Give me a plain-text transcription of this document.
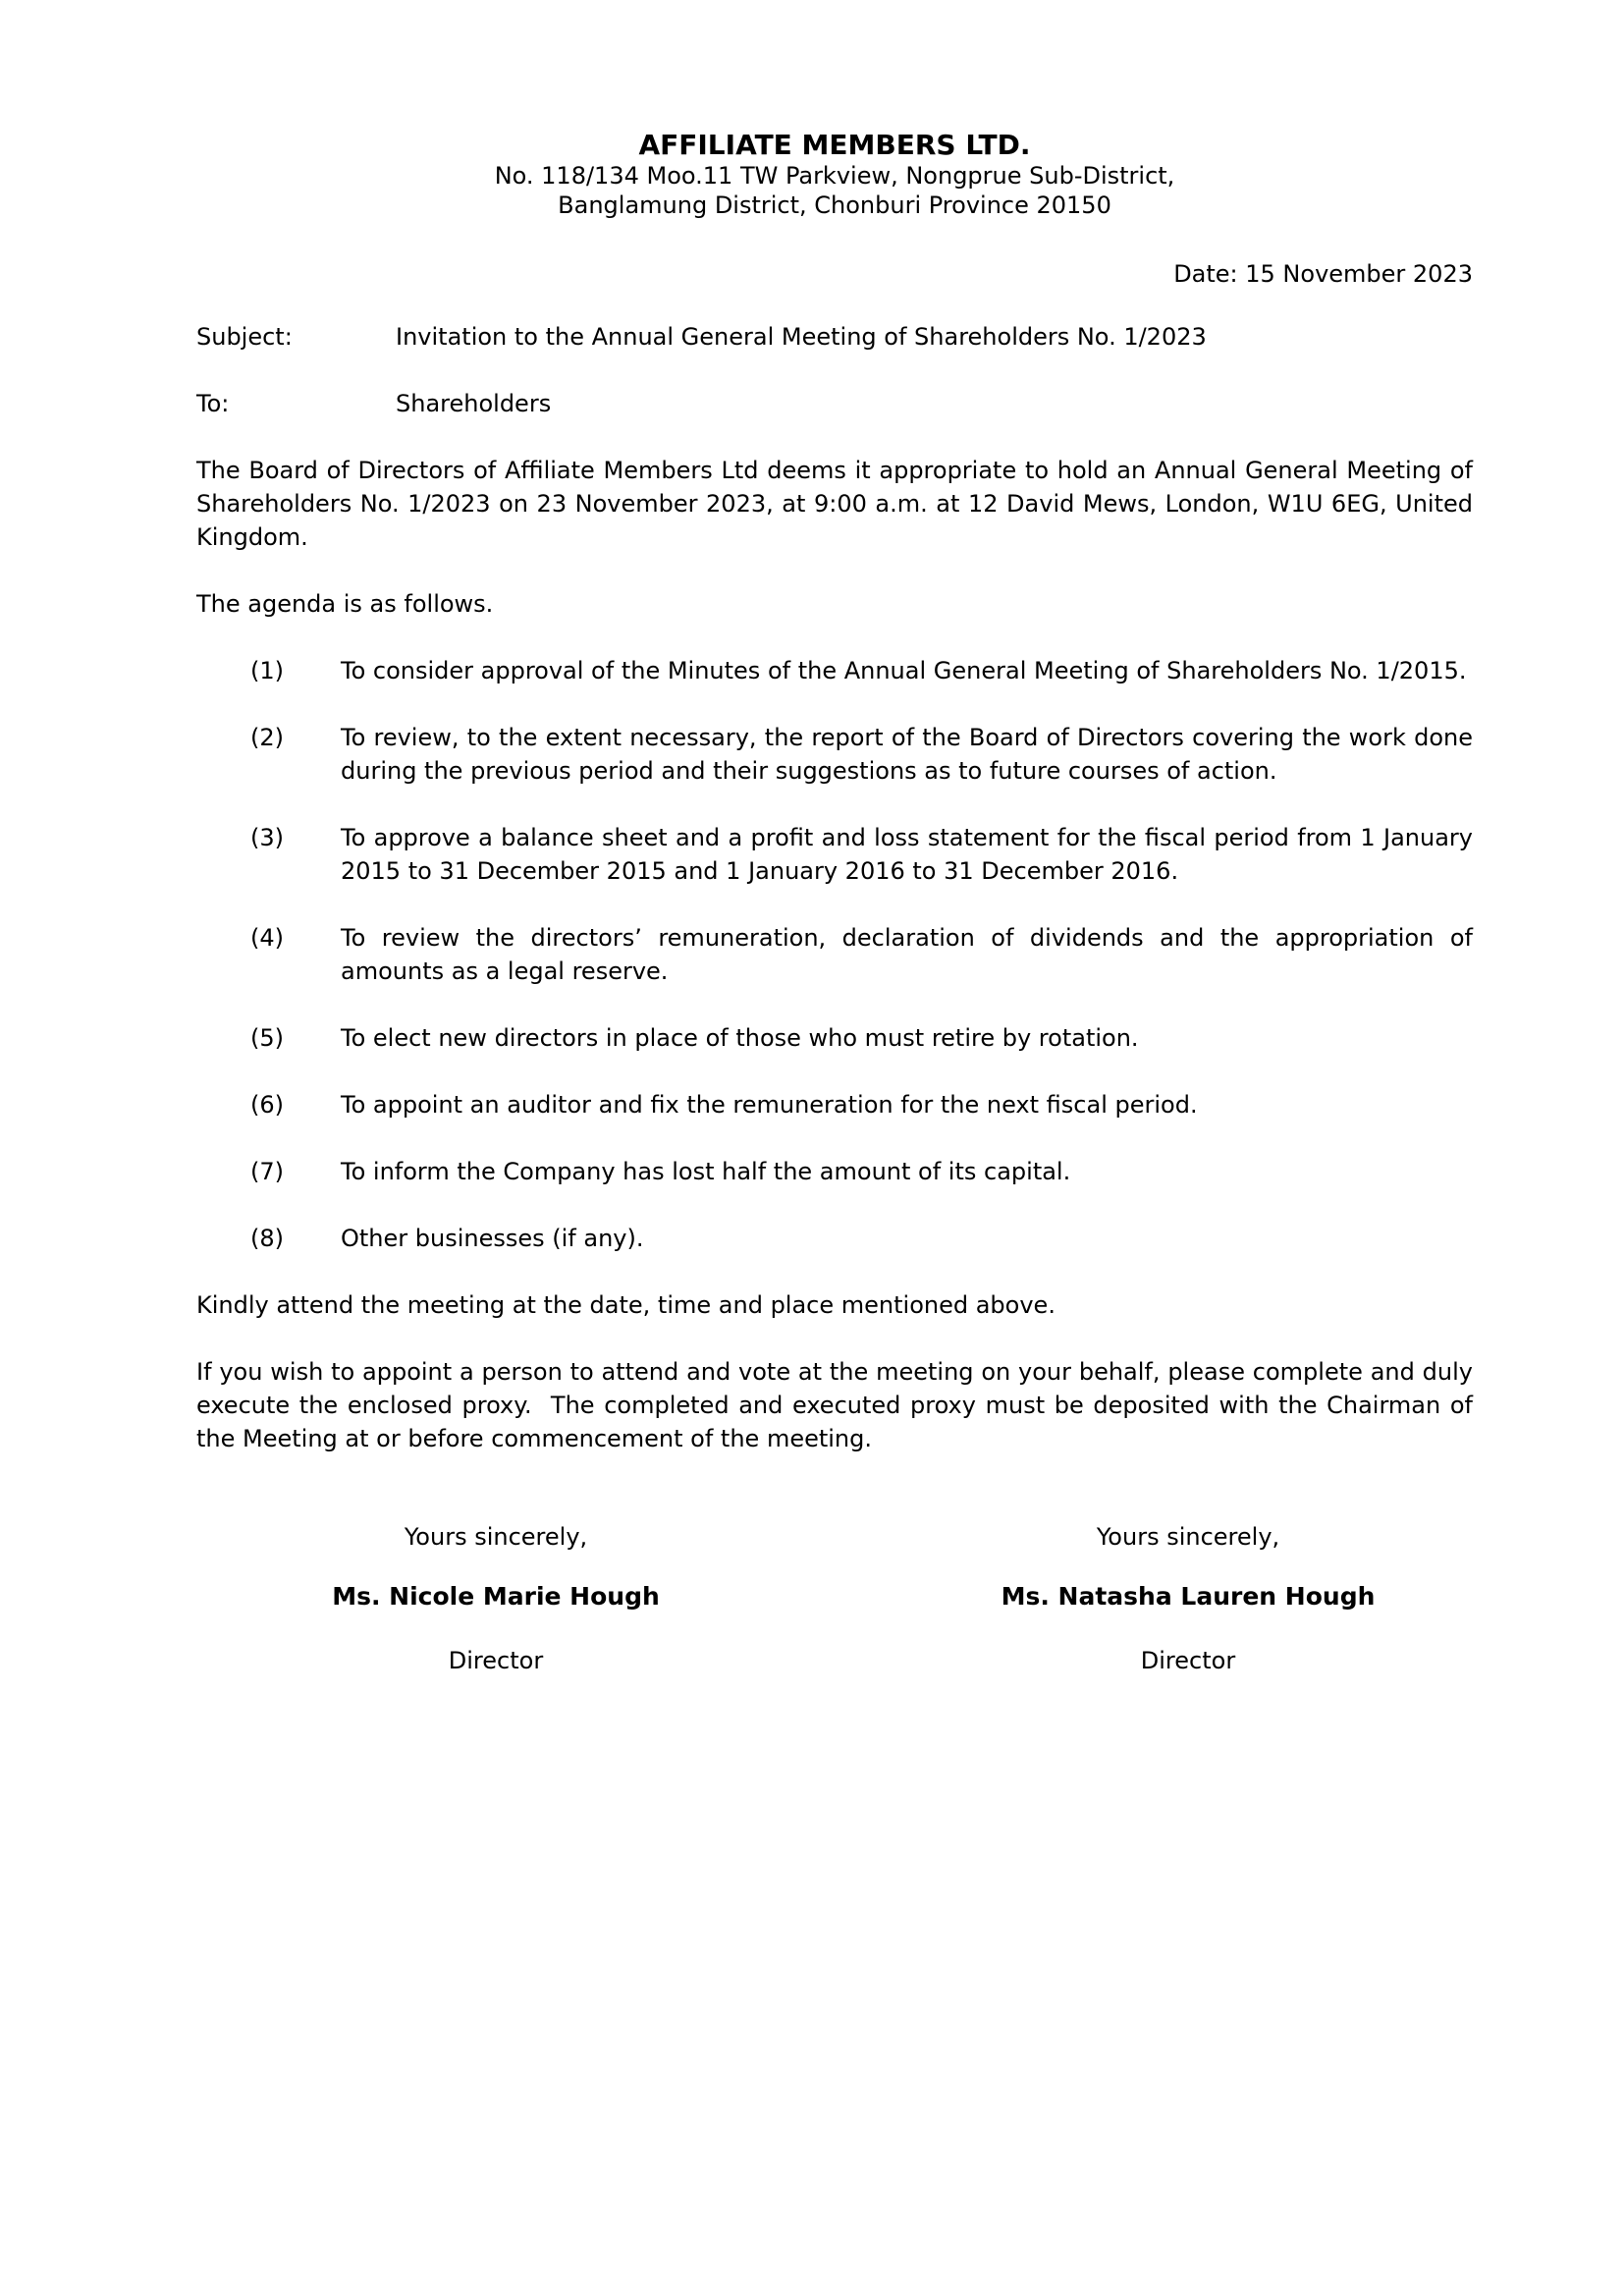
AFFILIATE MEMBERS LTD.
No. 118/134 Moo.11 TW Parkview, Nongprue Sub-District,
Banglamung District, Chonburi Province 20150
Date: 15 November 2023
Subject:	Invitation to the Annual General Meeting of Shareholders No. 1/2023
To:	Shareholders

The Board of Directors of Affiliate Members Ltd deems it appropriate to hold an Annual General Meeting of Shareholders No. 1/2023 on 23 November 2023, at 9:00 a.m. at 12 David Mews, London, W1U 6EG, United Kingdom.

The agenda is as follows.

(1)	To consider approval of the Minutes of the Annual General Meeting of Shareholders No. 1/2015.
(2)	To review, to the extent necessary, the report of the Board of Directors covering the work done during the previous period and their suggestions as to future courses of action.
(3)	To approve a balance sheet and a profit and loss statement for the fiscal period from 1 January 2015 to 31 December 2015 and 1 January 2016 to 31 December 2016.
(4)	To review the directors’ remuneration, declaration of dividends and the appropriation of amounts as a legal reserve.
(5)	To elect new directors in place of those who must retire by rotation.
(6)	To appoint an auditor and fix the remuneration for the next fiscal period.
(7)	To inform the Company has lost half the amount of its capital.
(8)	Other businesses (if any).

Kindly attend the meeting at the date, time and place mentioned above.

If you wish to appoint a person to attend and vote at the meeting on your behalf, please complete and duly execute the enclosed proxy.  The completed and executed proxy must be deposited with the Chairman of the Meeting at or before commencement of the meeting.

Yours sincerely,
Ms. Nicole Marie Hough
Director
Yours sincerely,
Ms. Natasha Lauren Hough
Director
